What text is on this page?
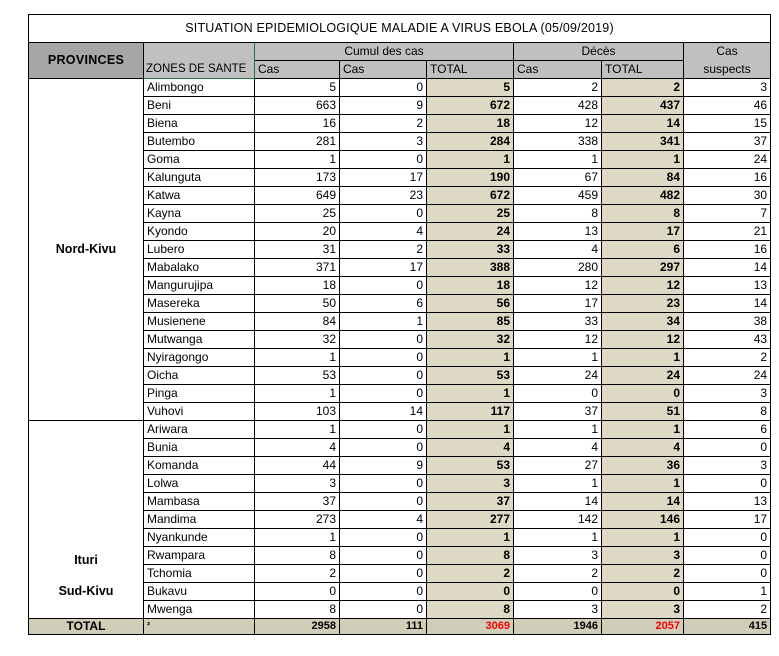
SITUATION EPIDEMIOLOGIQUE MALADIE A VIRUS EBOLA (05/09/2019)							
PROVINCES	ZONES DE SANTE	Cumul des cas			Décès		Cas
		Cas	Cas	TOTAL	Cas	TOTAL	suspects
Nord-Kivu	Alimbongo	5	0	5	2	2	3
	Beni	663	9	672	428	437	46
	Biena	16	2	18	12	14	15
	Butembo	281	3	284	338	341	37
	Goma	1	0	1	1	1	24
	Kalunguta	173	17	190	67	84	16
	Katwa	649	23	672	459	482	30
	Kayna	25	0	25	8	8	7
	Kyondo	20	4	24	13	17	21
	Lubero	31	2	33	4	6	16
	Mabalako	371	17	388	280	297	14
	Mangurujipa	18	0	18	12	12	13
	Masereka	50	6	56	17	23	14
	Musienene	84	1	85	33	34	38
	Mutwanga	32	0	32	12	12	43
	Nyiragongo	1	0	1	1	1	2
	Oicha	53	0	53	24	24	24
	Pinga	1	0	1	0	0	3
	Vuhovi	103	14	117	37	51	8
Ituri	Ariwara	1	0	1	1	1	6
	Bunia	4	0	4	4	4	0
	Komanda	44	9	53	27	36	3
	Lolwa	3	0	3	1	1	0
	Mambasa	37	0	37	14	14	13
	Mandima	273	4	277	142	146	17
	Nyankunde	1	0	1	1	1	0
	Rwampara	8	0	8	3	3	0
	Tchomia	2	0	2	2	2	0
Sud-Kivu	Bukavu	0	0	0	0	0	1
	Mwenga	8	0	8	3	3	2
TOTAL	²	2958	111	3069	1946	2057	415
